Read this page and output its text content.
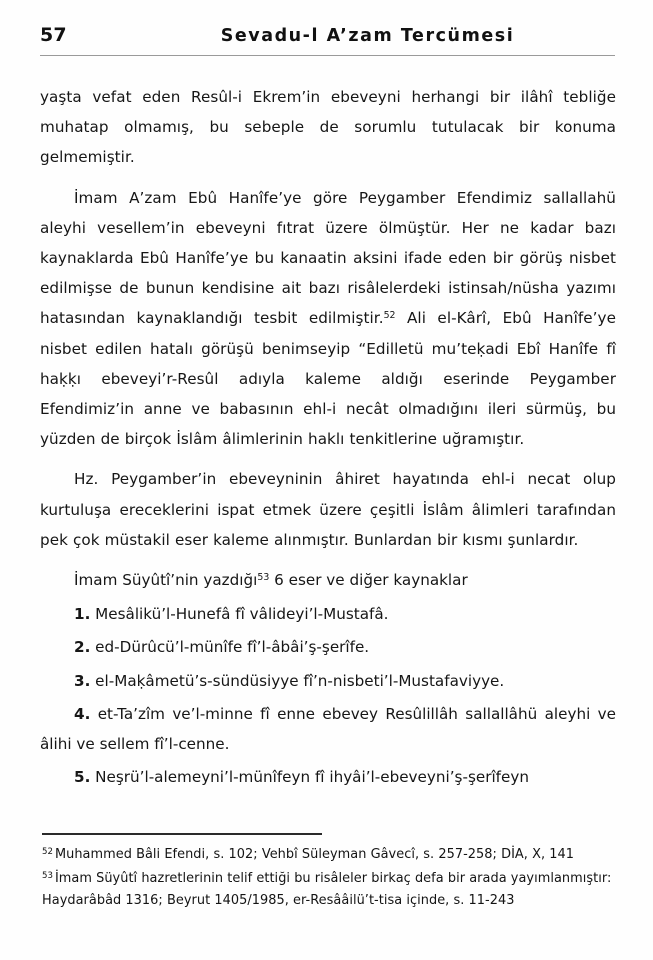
57	Sevadu-l A’zam Tercümesi

yaşta vefat eden Resûl-i Ekrem’in ebeveyni herhangi bir ilâhî tebliğe muhatap olmamış, bu sebeple de sorumlu tutulacak bir konuma gelmemiştir.

İmam A’zam Ebû Hanîfe’ye göre Peygamber Efendimiz sallallahü aleyhi vesellem’in ebeveyni fıtrat üzere ölmüştür. Her ne kadar bazı kaynaklarda Ebû Hanîfe’ye bu kanaatin aksini ifade eden bir görüş nisbet edilmişse de bunun kendisine ait bazı risâlelerdeki istinsah/nüsha yazımı hatasından kaynaklandığı tesbit edilmiştir.$^{52}$ Ali el-Kârî, Ebû Hanîfe’ye nisbet edilen hatalı görüşü benimseyip “Edilletü mu’teḳadi Ebî Hanîfe fî haḳḳı ebeveyi’r-Resûl adıyla kaleme aldığı eserinde Peygamber Efendimiz’in anne ve babasının ehl-i necât olmadığını ileri sürmüş, bu yüzden de birçok İslâm âlimlerinin haklı tenkitlerine uğramıştır.

Hz. Peygamber’in ebeveyninin âhiret hayatında ehl-i necat olup kurtuluşa ereceklerini ispat etmek üzere çeşitli İslâm âlimleri tarafından pek çok müstakil eser kaleme alınmıştır. Bunlardan bir kısmı şunlardır.

İmam Süyûtî’nin yazdığı$^{53}$ 6 eser ve diğer kaynaklar

1. Mesâlikü’l-Hunefâ fî vâlideyi’l-Mustafâ.

2. ed-Dürûcü’l-münîfe fî’l-âbâi’ş-şerîfe.

3. el-Maḳâmetü’s-sündüsiyye fî’n-nisbeti’l-Mustafaviyye.

4. et-Ta’zîm ve’l-minne fî enne ebevey Resûlillâh sallallâhü aleyhi ve âlihi ve sellem fî’l-cenne.

5. Neşrü’l-alemeyni’l-münîfeyn fî ihyâi’l-ebeveyni’ş-şerîfeyn

$^{52}$ Muhammed Bâli Efendi, s. 102; Vehbî Süleyman Gâvecî, s. 257-258; DİA, X, 141

$^{53}$ İmam Süyûtî hazretlerinin telif ettiği bu risâleler birkaç defa bir arada yayımlanmıştır: Haydarâbâd 1316; Beyrut 1405/1985, er-Resââilü’t-tisa içinde, s. 11-243
